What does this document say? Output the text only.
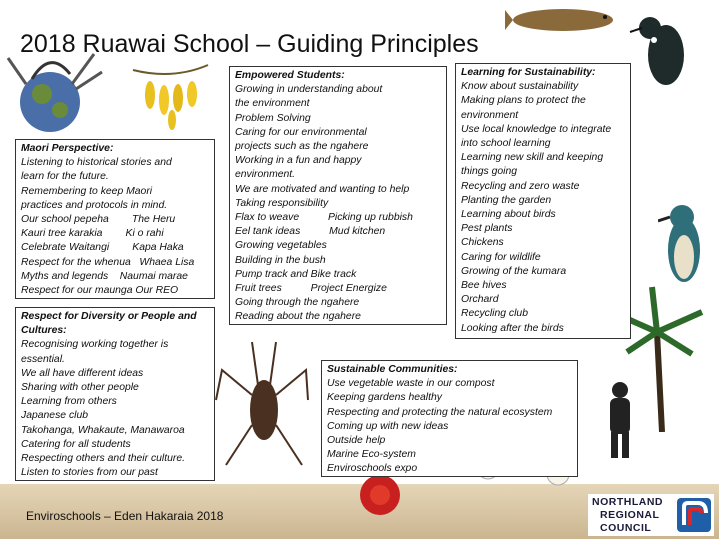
2018 Ruawai School – Guiding Principles
Maori Perspective:
Listening to historical stories and
learn for the future.
Remembering to keep Maori
practices and protocols in mind.
Our school pepeha        The Heru
Kauri tree karakia        Ki o rahi
Celebrate Waitangi        Kapa Haka
Respect for the whenua   Whaea Lisa
Myths and legends    Naumai marae
Respect for our maunga Our REO
Respect for Diversity or People and
Cultures:
Recognising working together is
essential.
We all have different ideas
Sharing with other people
Learning from others
Japanese club
Takohanga, Whakaute, Manawaroa
Catering for all students
Respecting others and their culture.
Listen to stories from our past
Empowered Students:
Growing in understanding about
the environment
Problem Solving
Caring for our environmental
projects such as the ngahere
Working in a fun and happy
environment.
We are motivated and wanting to help
Taking responsibility
Flax to weave          Picking up rubbish
Eel tank ideas          Mud kitchen
Growing vegetables
Building in the bush
Pump track and Bike track
Fruit trees          Project Energize
Going through the ngahere
Reading about the ngahere
Learning for Sustainability:
Know about sustainability
Making plans to protect the
environment
Use local knowledge to integrate
into school learning
Learning new skill and keeping
things going
Recycling and zero waste
Planting the garden
Learning about birds
Pest plants
Chickens
Caring for wildlife
Growing of the kumara
Bee hives
Orchard
Recycling club
Looking after the birds
Sustainable Communities:
Use vegetable waste in our compost
Keeping gardens healthy
Respecting and protecting the natural ecosystem
Coming up with new ideas
Outside help
Marine Eco-system
Enviroschools expo
Enviroschools – Eden Hakaraia 2018
NORTHLAND
REGIONAL
COUNCIL
